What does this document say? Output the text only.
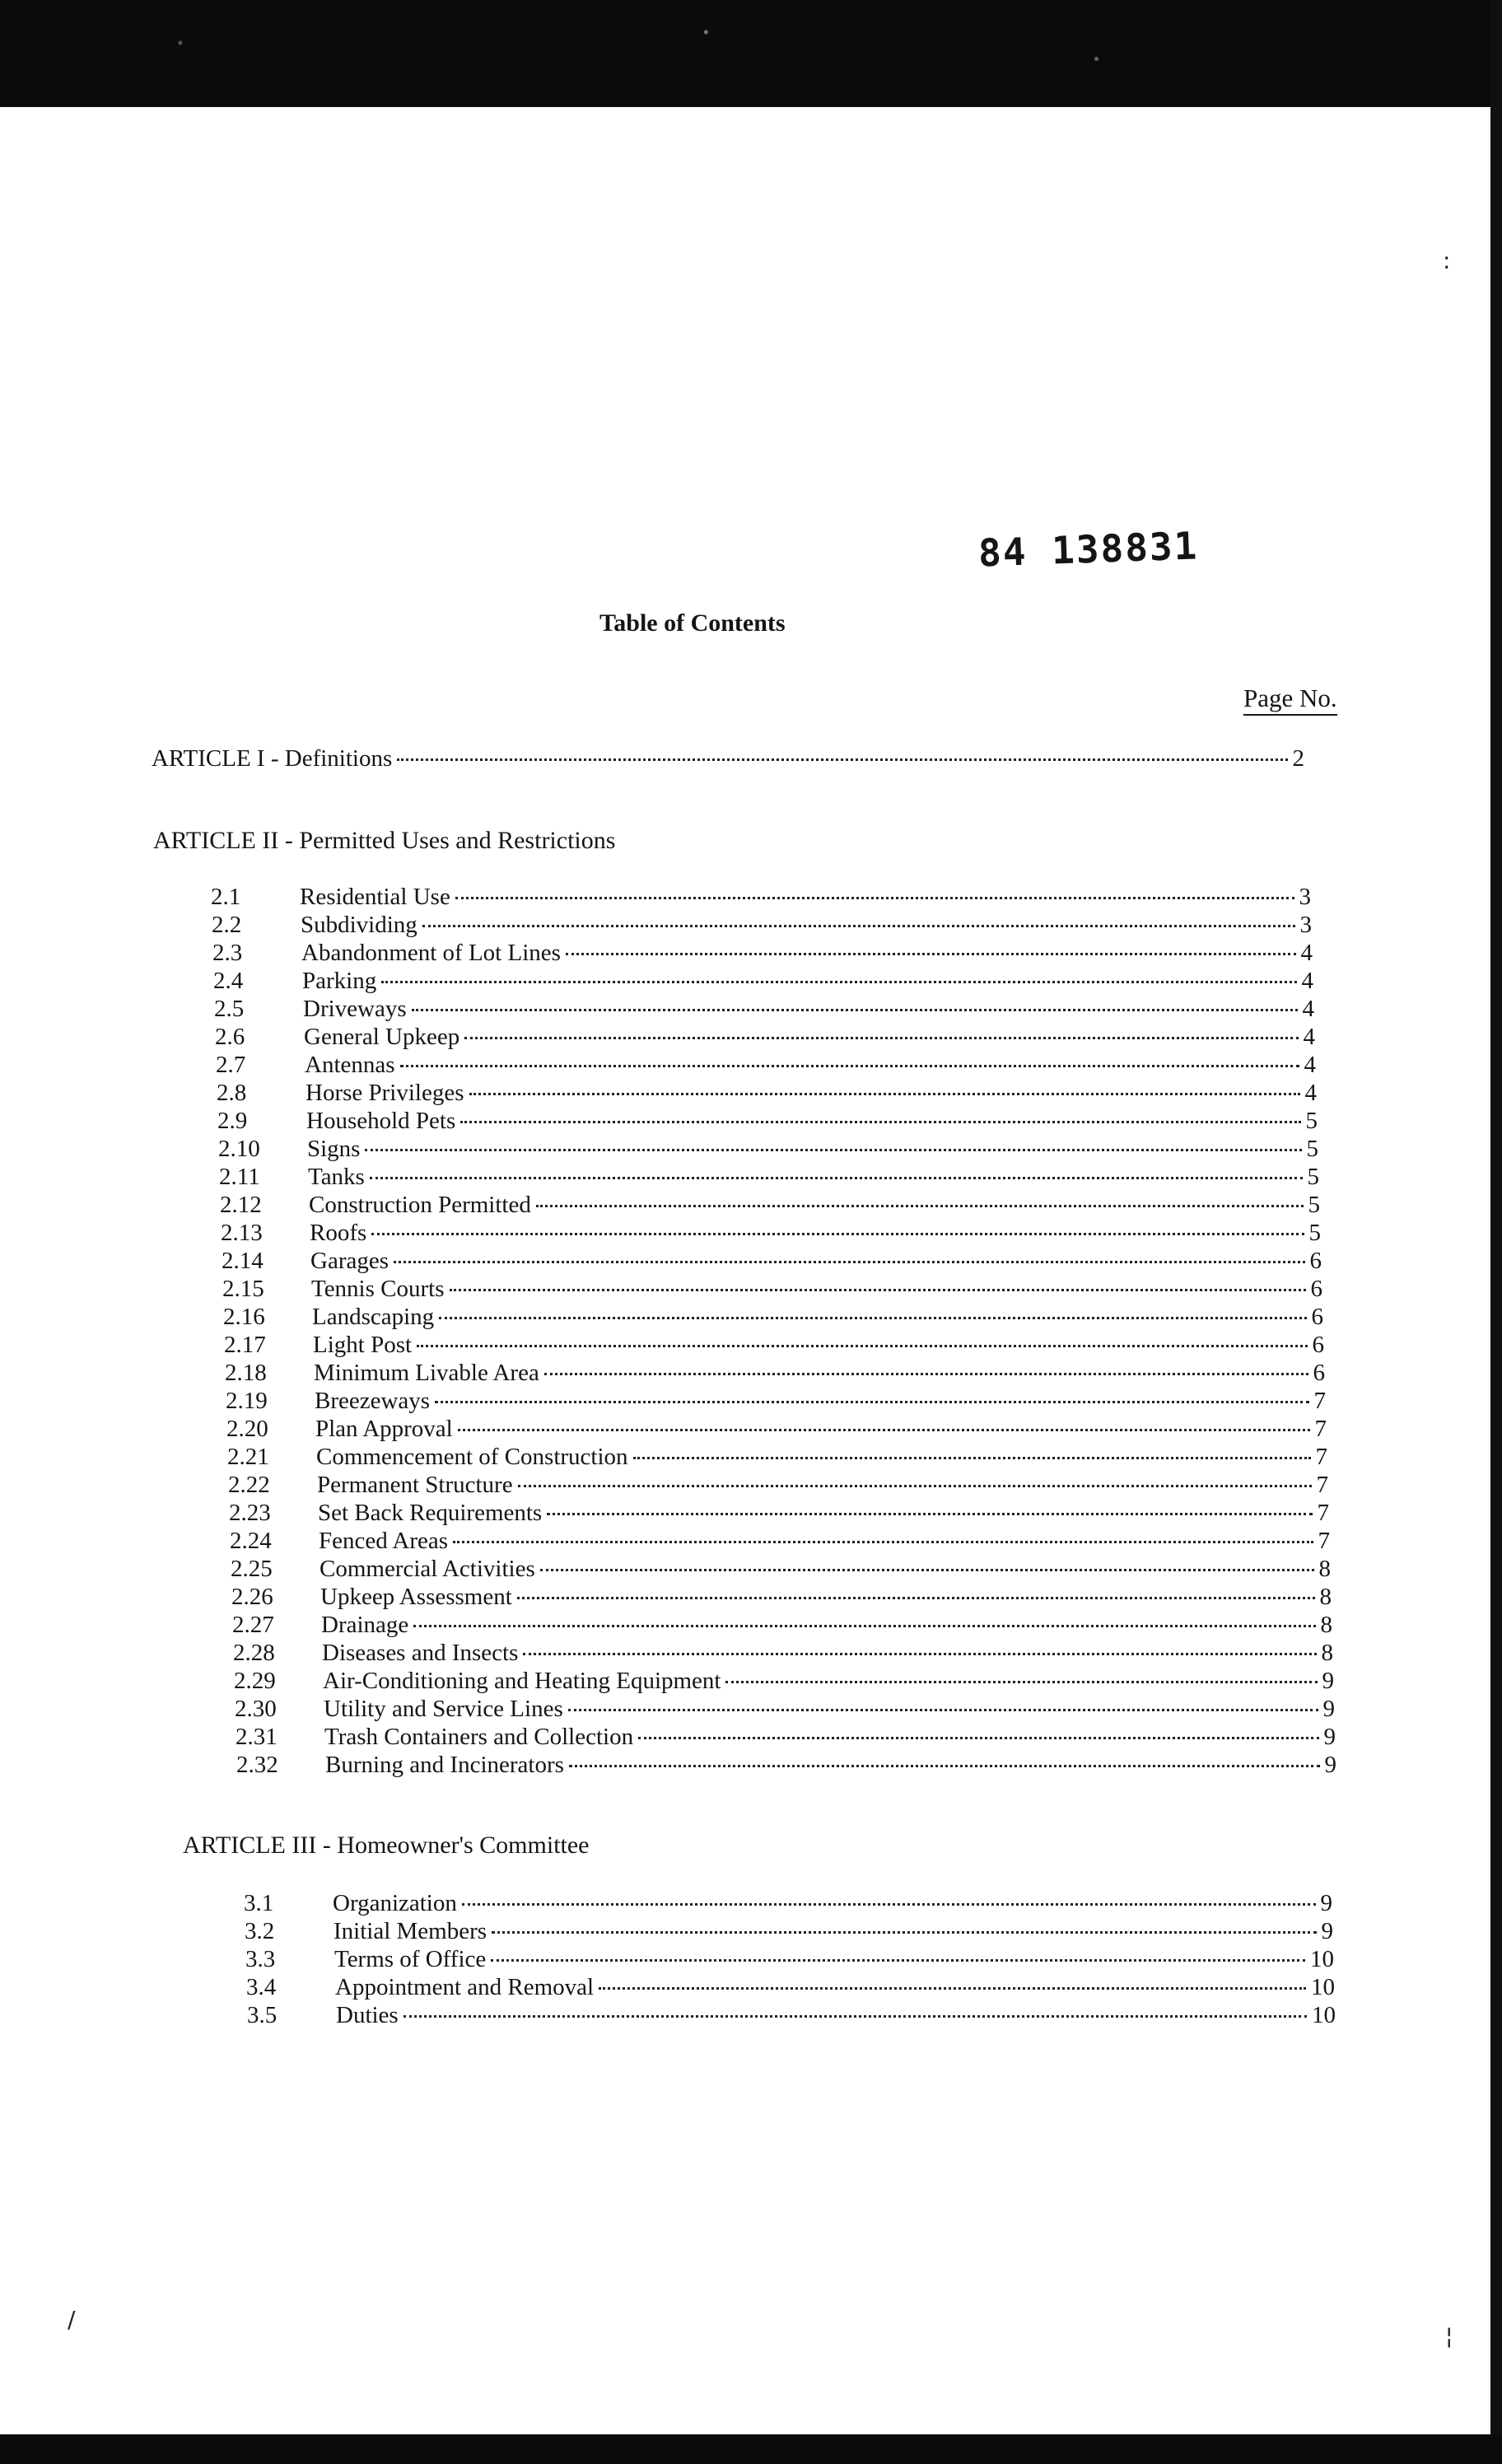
:
/
¦
84 138831
Table of Contents
Page No.
ARTICLE I - Definitions	2
ARTICLE II - Permitted Uses and Restrictions
2.1	Residential Use	3
2.2	Subdividing	3
2.3	Abandonment of Lot Lines	4
2.4	Parking	4
2.5	Driveways	4
2.6	General Upkeep	4
2.7	Antennas	4
2.8	Horse Privileges	4
2.9	Household Pets	5
2.10	Signs	5
2.11	Tanks	5
2.12	Construction Permitted	5
2.13	Roofs	5
2.14	Garages	6
2.15	Tennis Courts	6
2.16	Landscaping	6
2.17	Light Post	6
2.18	Minimum Livable Area	6
2.19	Breezeways	7
2.20	Plan Approval	7
2.21	Commencement of Construction	7
2.22	Permanent Structure	7
2.23	Set Back Requirements	7
2.24	Fenced Areas	7
2.25	Commercial Activities	8
2.26	Upkeep Assessment	8
2.27	Drainage	8
2.28	Diseases and Insects	8
2.29	Air-Conditioning and Heating Equipment	9
2.30	Utility and Service Lines	9
2.31	Trash Containers and Collection	9
2.32	Burning and Incinerators	9
ARTICLE III - Homeowner's Committee
3.1	Organization	9
3.2	Initial Members	9
3.3	Terms of Office	10
3.4	Appointment and Removal	10
3.5	Duties	10
